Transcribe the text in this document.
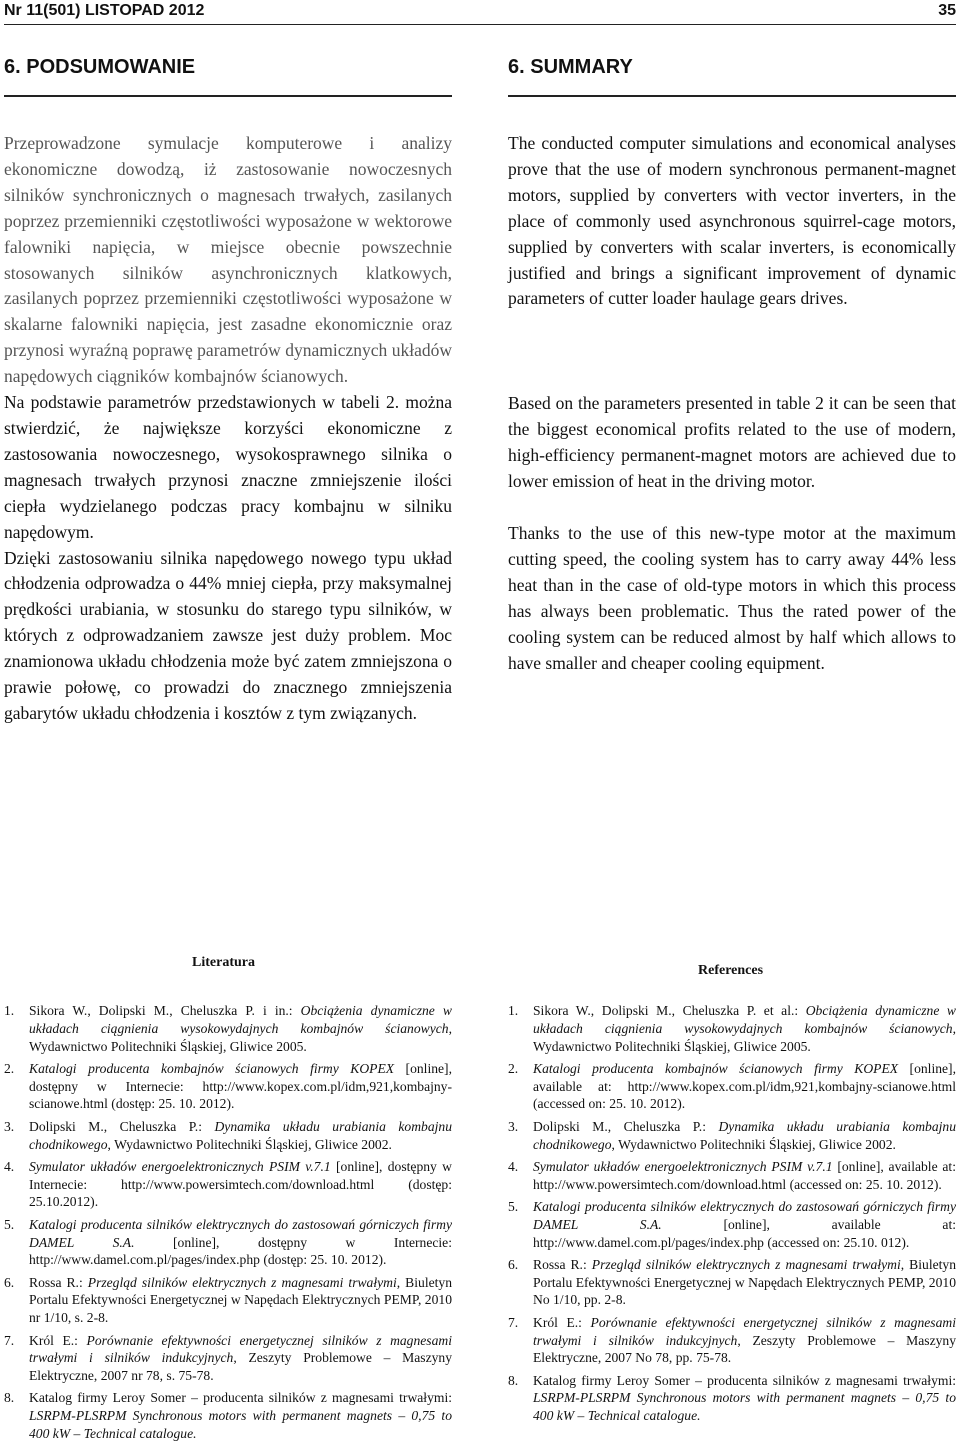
Nr 11(501) LISTOPAD 2012	35
6. PODSUMOWANIE	6. SUMMARY

Przeprowadzone symulacje komputerowe i analizy ekonomiczne dowodzą, iż zastosowanie nowoczesnych silników synchronicznych o magnesach trwałych, zasilanych poprzez przemienniki częstotliwości wyposażone w wektorowe falowniki napięcia, w miejsce obecnie powszechnie stosowanych silników asynchronicznych klatkowych, zasilanych poprzez przemienniki częstotliwości wyposażone w skalarne falowniki napięcia, jest zasadne ekonomicznie oraz przynosi wyraźną poprawę parametrów dynamicznych układów napędowych ciągników kombajnów ścianowych.

Na podstawie parametrów przedstawionych w tabeli 2. można stwierdzić, że największe korzyści ekonomiczne z zastosowania nowoczesnego, wysokosprawnego silnika o magnesach trwałych przynosi znaczne zmniejszenie ilości ciepła wydzielanego podczas pracy kombajnu w silniku napędowym.

Dzięki zastosowaniu silnika napędowego nowego typu układ chłodzenia odprowadza o 44% mniej ciepła, przy maksymalnej prędkości urabiania, w stosunku do starego typu silników, w których z odprowadzaniem zawsze jest duży problem. Moc znamionowa układu chłodzenia może być zatem zmniejszona o prawie połowę, co prowadzi do znacznego zmniejszenia gabarytów układu chłodzenia i kosztów z tym związanych.

The conducted computer simulations and economical analyses prove that the use of modern synchronous permanent-magnet motors, supplied by converters with vector inverters, in the place of commonly used asynchronous squirrel-cage motors, supplied by converters with scalar inverters, is economically justified and brings a significant improvement of dynamic parameters of cutter loader haulage gears drives.

Based on the parameters presented in table 2 it can be seen that the biggest economical profits related to the use of modern, high-efficiency permanent-magnet motors are achieved due to lower emission of heat in the driving motor.

Thanks to the use of this new-type motor at the maximum cutting speed, the cooling system has to carry away 44% less heat than in the case of old-type motors in which this process has always been problematic. Thus the rated power of the cooling system can be reduced almost by half which allows to have smaller and cheaper cooling equipment.

Literatura
References
1. Sikora W., Dolipski M., Cheluszka P. i in.: Obciążenia dynamiczne w układach ciągnienia wysokowydajnych kombajnów ścianowych, Wydawnictwo Politechniki Śląskiej, Gliwice 2005.
2. Katalogi producenta kombajnów ścianowych firmy KOPEX [online], dostępny w Internecie: http://www.kopex.com.pl/idm,921,kombajny-scianowe.html (dostęp: 25. 10. 2012).
3. Dolipski M., Cheluszka P.: Dynamika układu urabiania kombajnu chodnikowego, Wydawnictwo Politechniki Śląskiej, Gliwice 2002.
4. Symulator układów energoelektronicznych PSIM v.7.1 [online], dostępny w Internecie: http://www.powersimtech.com/download.html (dostęp: 25.10.2012).
5. Katalogi producenta silników elektrycznych do zastosowań górniczych firmy DAMEL S.A. [online], dostępny w Internecie: http://www.damel.com.pl/pages/index.php (dostęp: 25. 10. 2012).
6. Rossa R.: Przegląd silników elektrycznych z magnesami trwałymi, Biuletyn Portalu Efektywności Energetycznej w Napędach Elektrycznych PEMP, 2010 nr 1/10, s. 2-8.
7. Król E.: Porównanie efektywności energetycznej silników z magnesami trwałymi i silników indukcyjnych, Zeszyty Problemowe – Maszyny Elektryczne, 2007 nr 78, s. 75-78.
8. Katalog firmy Leroy Somer – producenta silników z magnesami trwałymi: LSRPM-PLSRPM Synchronous motors with permanent magnets – 0,75 to 400 kW – Technical catalogue.
1. Sikora W., Dolipski M., Cheluszka P. et al.: Obciążenia dynamiczne w układach ciągnienia wysokowydajnych kombajnów ścianowych, Wydawnictwo Politechniki Śląskiej, Gliwice 2005.
2. Katalogi producenta kombajnów ścianowych firmy KOPEX [online], available at: http://www.kopex.com.pl/idm,921,kombajny-scianowe.html (accessed on: 25. 10. 2012).
3. Dolipski M., Cheluszka P.: Dynamika układu urabiania kombajnu chodnikowego, Wydawnictwo Politechniki Śląskiej, Gliwice 2002.
4. Symulator układów energoelektronicznych PSIM v.7.1 [online], available at: http://www.powersimtech.com/download.html (accessed on: 25. 10. 2012).
5. Katalogi producenta silników elektrycznych do zastosowań górniczych firmy DAMEL S.A. [online], available at: http://www.damel.com.pl/pages/index.php (accessed on: 25.10. 012).
6. Rossa R.: Przegląd silników elektrycznych z magnesami trwałymi, Biuletyn Portalu Efektywności Energetycznej w Napędach Elektrycznych PEMP, 2010 No 1/10, pp. 2-8.
7. Król E.: Porównanie efektywności energetycznej silników z magnesami trwałymi i silników indukcyjnych, Zeszyty Problemowe – Maszyny Elektryczne, 2007 No 78, pp. 75-78.
8. Katalog firmy Leroy Somer – producenta silników z magnesami trwałymi: LSRPM-PLSRPM Synchronous motors with permanent magnets – 0,75 to 400 kW – Technical catalogue.
